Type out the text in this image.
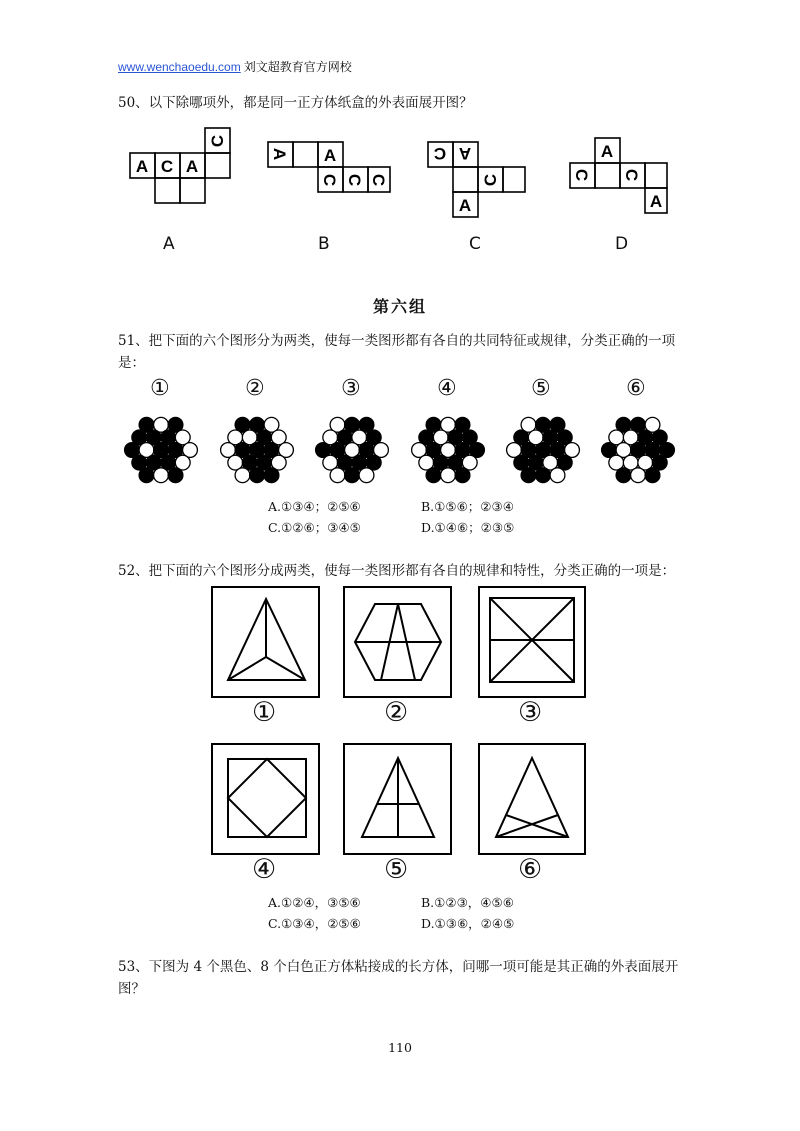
www.wenchaoedu.com 刘文超教育官方网校
50、以下除哪项外，都是同一正方体纸盒的外表面展开图？
A C A
C
A A
C C C
C A
C
A
A
C C
A
A	B	C	D
第六组
51、把下面的六个图形分为两类，使每一类图形都有各自的共同特征或规律，分类正确的一项是：
①	②	③	④	⑤	⑥
A.①③④；②⑤⑥	B.①⑤⑥；②③④
C.①②⑥；③④⑤	D.①④⑥；②③⑤
52、把下面的六个图形分成两类，使每一类图形都有各自的规律和特性，分类正确的一项是：
①	②	③
④	⑤	⑥
A.①②④，③⑤⑥	B.①②③，④⑤⑥
C.①③④，②⑤⑥	D.①③⑥，②④⑤
53、下图为 4 个黑色、8 个白色正方体粘接成的长方体，问哪一项可能是其正确的外表面展开图？
110
